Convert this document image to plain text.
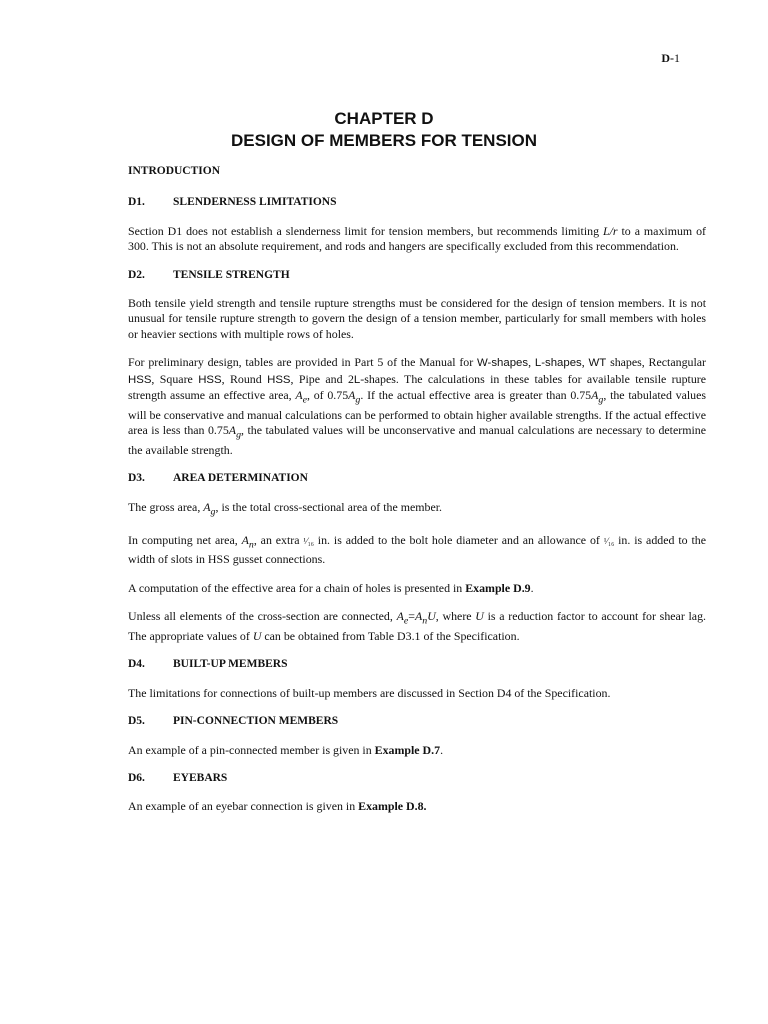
D-1
CHAPTER D
DESIGN OF MEMBERS FOR TENSION
INTRODUCTION
D1. SLENDERNESS LIMITATIONS

Section D1 does not establish a slenderness limit for tension members, but recommends limiting L/r to a maximum of 300. This is not an absolute requirement, and rods and hangers are specifically excluded from this recommendation.

D2. TENSILE STRENGTH

Both tensile yield strength and tensile rupture strengths must be considered for the design of tension members. It is not unusual for tensile rupture strength to govern the design of a tension member, particularly for small members with holes or heavier sections with multiple rows of holes.

For preliminary design, tables are provided in Part 5 of the Manual for W-shapes, L-shapes, WT shapes, Rectangular HSS, Square HSS, Round HSS, Pipe and 2L-shapes. The calculations in these tables for available tensile rupture strength assume an effective area, $A_e$, of $0.75A_g$. If the actual effective area is greater than $0.75A_g$, the tabulated values will be conservative and manual calculations can be performed to obtain higher available strengths. If the actual effective area is less than $0.75A_g$, the tabulated values will be unconservative and manual calculations are necessary to determine the available strength.

D3. AREA DETERMINATION

The gross area, $A_g$, is the total cross-sectional area of the member.

In computing net area, $A_n$, an extra ¹⁄₁₆ in. is added to the bolt hole diameter and an allowance of ¹⁄₁₆ in. is added to the width of slots in HSS gusset connections.

A computation of the effective area for a chain of holes is presented in Example D.9.

Unless all elements of the cross-section are connected, $A_e=A_nU$, where U is a reduction factor to account for shear lag. The appropriate values of U can be obtained from Table D3.1 of the Specification.

D4. BUILT-UP MEMBERS

The limitations for connections of built-up members are discussed in Section D4 of the Specification.

D5. PIN-CONNECTION MEMBERS

An example of a pin-connected member is given in Example D.7.

D6. EYEBARS

An example of an eyebar connection is given in Example D.8.
